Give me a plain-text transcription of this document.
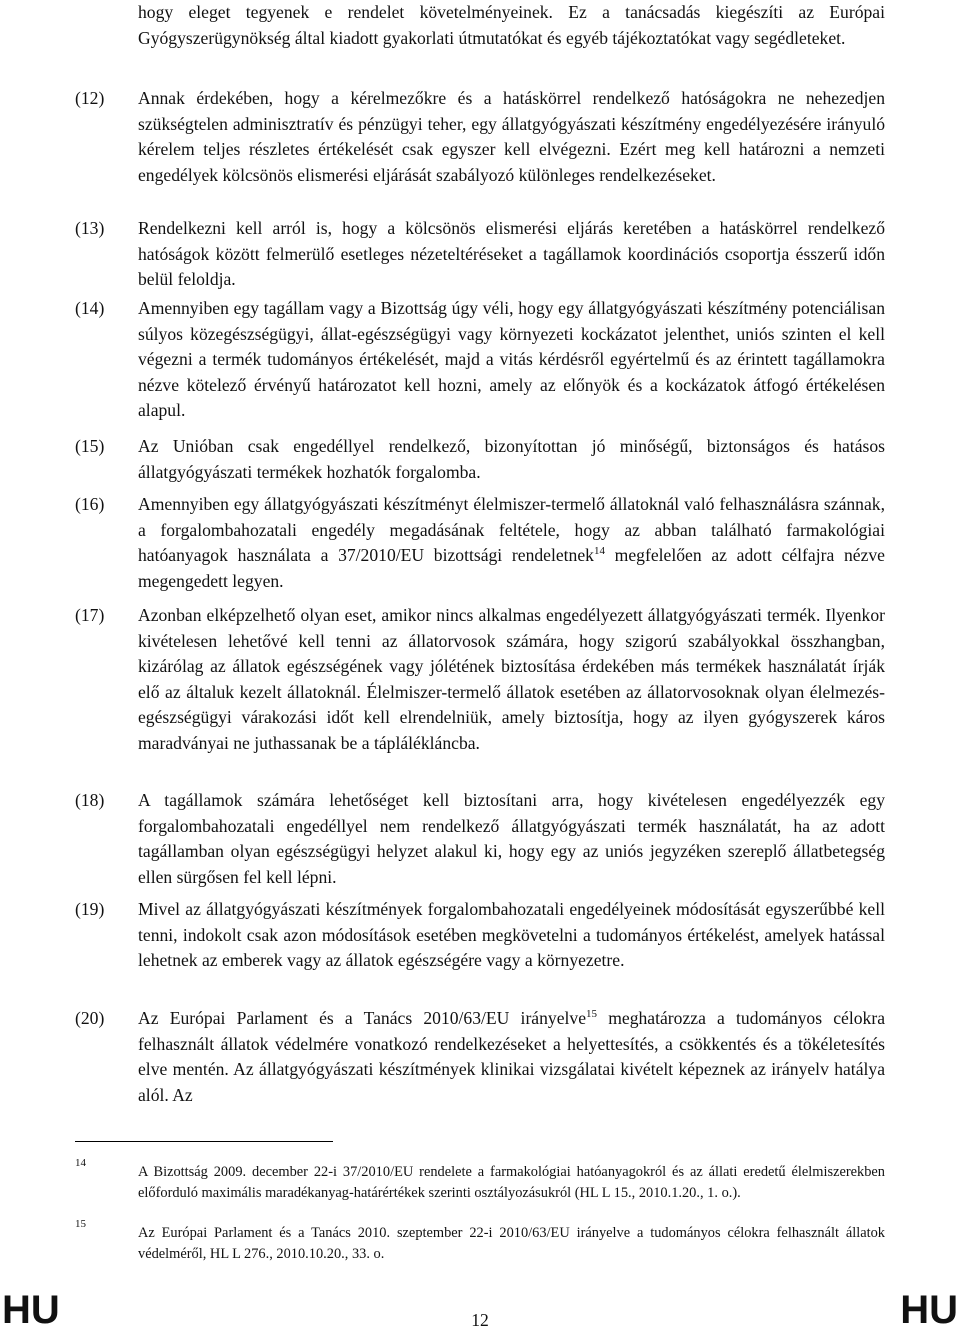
hogy eleget tegyenek e rendelet követelményeinek. Ez a tanácsadás kiegészíti az Európai Gyógyszerügynökség által kiadott gyakorlati útmutatókat és egyéb tájékoztatókat vagy segédleteket.
(12)	Annak érdekében, hogy a kérelmezőkre és a hatáskörrel rendelkező hatóságokra ne nehezedjen szükségtelen adminisztratív és pénzügyi teher, egy állatgyógyászati készítmény engedélyezésére irányuló kérelem teljes részletes értékelését csak egyszer kell elvégezni. Ezért meg kell határozni a nemzeti engedélyek kölcsönös elismerési eljárását szabályozó különleges rendelkezéseket.
(13)	Rendelkezni kell arról is, hogy a kölcsönös elismerési eljárás keretében a hatáskörrel rendelkező hatóságok között felmerülő esetleges nézeteltéréseket a tagállamok koordinációs csoportja ésszerű időn belül feloldja.
(14)	Amennyiben egy tagállam vagy a Bizottság úgy véli, hogy egy állatgyógyászati készítmény potenciálisan súlyos közegészségügyi, állat-egészségügyi vagy környezeti kockázatot jelenthet, uniós szinten el kell végezni a termék tudományos értékelését, majd a vitás kérdésről egyértelmű és az érintett tagállamokra nézve kötelező érvényű határozatot kell hozni, amely az előnyök és a kockázatok átfogó értékelésen alapul.
(15)	Az Unióban csak engedéllyel rendelkező, bizonyítottan jó minőségű, biztonságos és hatásos állatgyógyászati termékek hozhatók forgalomba.
(16)	Amennyiben egy állatgyógyászati készítményt élelmiszer-termelő állatoknál való felhasználásra szánnak, a forgalombahozatali engedély megadásának feltétele, hogy az abban található farmakológiai hatóanyagok használata a 37/2010/EU bizottsági rendeletnek$^{14}$ megfelelően az adott célfajra nézve megengedett legyen.
(17)	Azonban elképzelhető olyan eset, amikor nincs alkalmas engedélyezett állatgyógyászati termék. Ilyenkor kivételesen lehetővé kell tenni az állatorvosok számára, hogy szigorú szabályokkal összhangban, kizárólag az állatok egészségének vagy jólétének biztosítása érdekében más termékek használatát írják elő az általuk kezelt állatoknál. Élelmiszer-termelő állatok esetében az állatorvosoknak olyan élelmezés-egészségügyi várakozási időt kell elrendelniük, amely biztosítja, hogy az ilyen gyógyszerek káros maradványai ne juthassanak be a táplálékláncba.
(18)	A tagállamok számára lehetőséget kell biztosítani arra, hogy kivételesen engedélyezzék egy forgalombahozatali engedéllyel nem rendelkező állatgyógyászati termék használatát, ha az adott tagállamban olyan egészségügyi helyzet alakul ki, hogy egy az uniós jegyzéken szereplő állatbetegség ellen sürgősen fel kell lépni.
(19)	Mivel az állatgyógyászati készítmények forgalombahozatali engedélyeinek módosítását egyszerűbbé kell tenni, indokolt csak azon módosítások esetében megkövetelni a tudományos értékelést, amelyek hatással lehetnek az emberek vagy az állatok egészségére vagy a környezetre.
(20)	Az Európai Parlament és a Tanács 2010/63/EU irányelve$^{15}$ meghatározza a tudományos célokra felhasznált állatok védelmére vonatkozó rendelkezéseket a helyettesítés, a csökkentés és a tökéletesítés elve mentén. Az állatgyógyászati készítmények klinikai vizsgálatai kivételt képeznek az irányelv hatálya alól. Az
14
A Bizottság 2009. december 22-i 37/2010/EU rendelete a farmakológiai hatóanyagokról és az állati eredetű élelmiszerekben előforduló maximális maradékanyag-határértékek szerinti osztályozásukról (HL L 15., 2010.1.20., 1. o.).
15
Az Európai Parlament és a Tanács 2010. szeptember 22-i 2010/63/EU irányelve a tudományos célokra felhasznált állatok védelméről, HL L 276., 2010.10.20., 33. o.
HU	12	HU
